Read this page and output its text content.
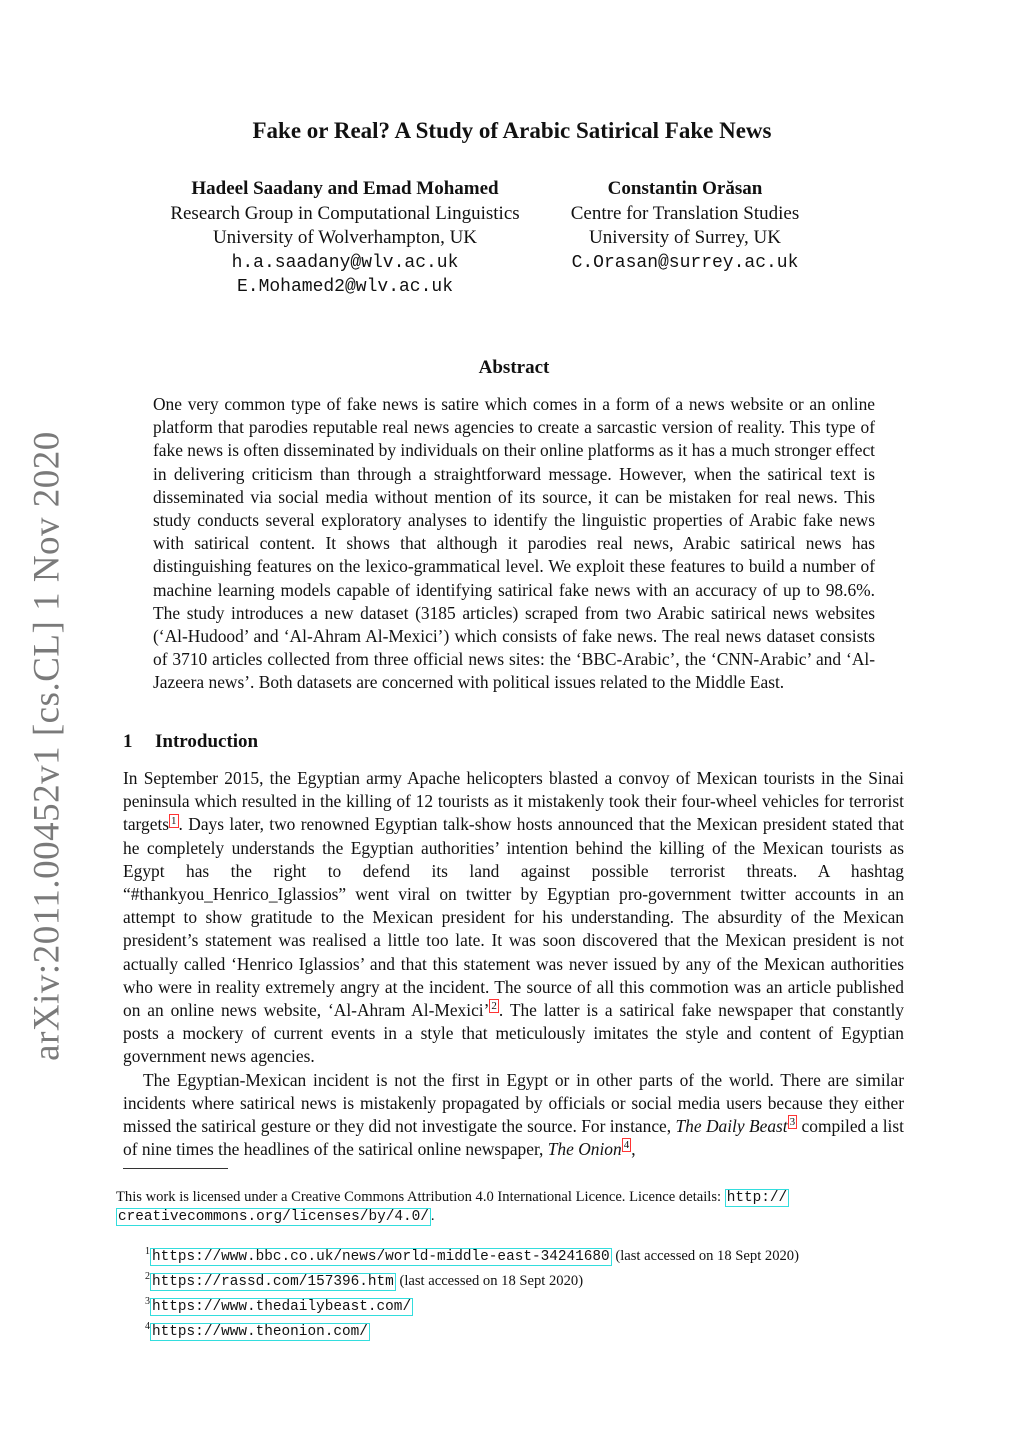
arXiv:2011.00452v1 [cs.CL] 1 Nov 2020
Fake or Real? A Study of Arabic Satirical Fake News
Hadeel Saadany and Emad Mohamed
Research Group in Computational Linguistics
University of Wolverhampton, UK
h.a.saadany@wlv.ac.uk
E.Mohamed2@wlv.ac.uk
Constantin Orăsan
Centre for Translation Studies
University of Surrey, UK
C.Orasan@surrey.ac.uk
Abstract

One very common type of fake news is satire which comes in a form of a news website or an online platform that parodies reputable real news agencies to create a sarcastic version of reality. This type of fake news is often disseminated by individuals on their online platforms as it has a much stronger effect in delivering criticism than through a straightforward message. However, when the satirical text is disseminated via social media without mention of its source, it can be mistaken for real news. This study conducts several exploratory analyses to identify the linguistic properties of Arabic fake news with satirical content. It shows that although it parodies real news, Arabic satirical news has distinguishing features on the lexico-grammatical level. We exploit these features to build a number of machine learning models capable of identifying satirical fake news with an accuracy of up to 98.6%. The study introduces a new dataset (3185 articles) scraped from two Arabic satirical news websites (‘Al-Hudood’ and ‘Al-Ahram Al-Mexici’) which consists of fake news. The real news dataset consists of 3710 articles collected from three official news sites: the ‘BBC-Arabic’, the ‘CNN-Arabic’ and ‘Al-Jazeera news’. Both datasets are concerned with political issues related to the Middle East.

1 Introduction

In September 2015, the Egyptian army Apache helicopters blasted a convoy of Mexican tourists in the Sinai peninsula which resulted in the killing of 12 tourists as it mistakenly took their four-wheel vehicles for terrorist targets $^1$ . Days later, two renowned Egyptian talk-show hosts announced that the Mexican president stated that he completely understands the Egyptian authorities’ intention behind the killing of the Mexican tourists as Egypt has the right to defend its land against possible terrorist threats. A hashtag “#thankyou_Henrico_Iglassios” went viral on twitter by Egyptian pro-government twitter accounts in an attempt to show gratitude to the Mexican president for his understanding. The absurdity of the Mexican president’s statement was realised a little too late. It was soon discovered that the Mexican president is not actually called ‘Henrico Iglassios’ and that this statement was never issued by any of the Mexican authorities who were in reality extremely angry at the incident. The source of all this commotion was an article published on an online news website, ‘Al-Ahram Al-Mexici’ $^2$ . The latter is a satirical fake newspaper that constantly posts a mockery of current events in a style that meticulously imitates the style and content of Egyptian government news agencies.

The Egyptian-Mexican incident is not the first in Egypt or in other parts of the world. There are similar incidents where satirical news is mistakenly propagated by officials or social media users because they either missed the satirical gesture or they did not investigate the source. For instance, The Daily Beast $^3$ compiled a list of nine times the headlines of the satirical online newspaper, The Onion $^4$ ,

This work is licensed under a Creative Commons Attribution 4.0 International Licence. Licence details: http://
creativecommons.org/licenses/by/4.0/ .
$^1$ https://www.bbc.co.uk/news/world-middle-east-34241680 (last accessed on 18 Sept 2020)
$^2$ https://rassd.com/157396.htm (last accessed on 18 Sept 2020)
$^3$ https://www.thedailybeast.com/
$^4$ https://www.theonion.com/
